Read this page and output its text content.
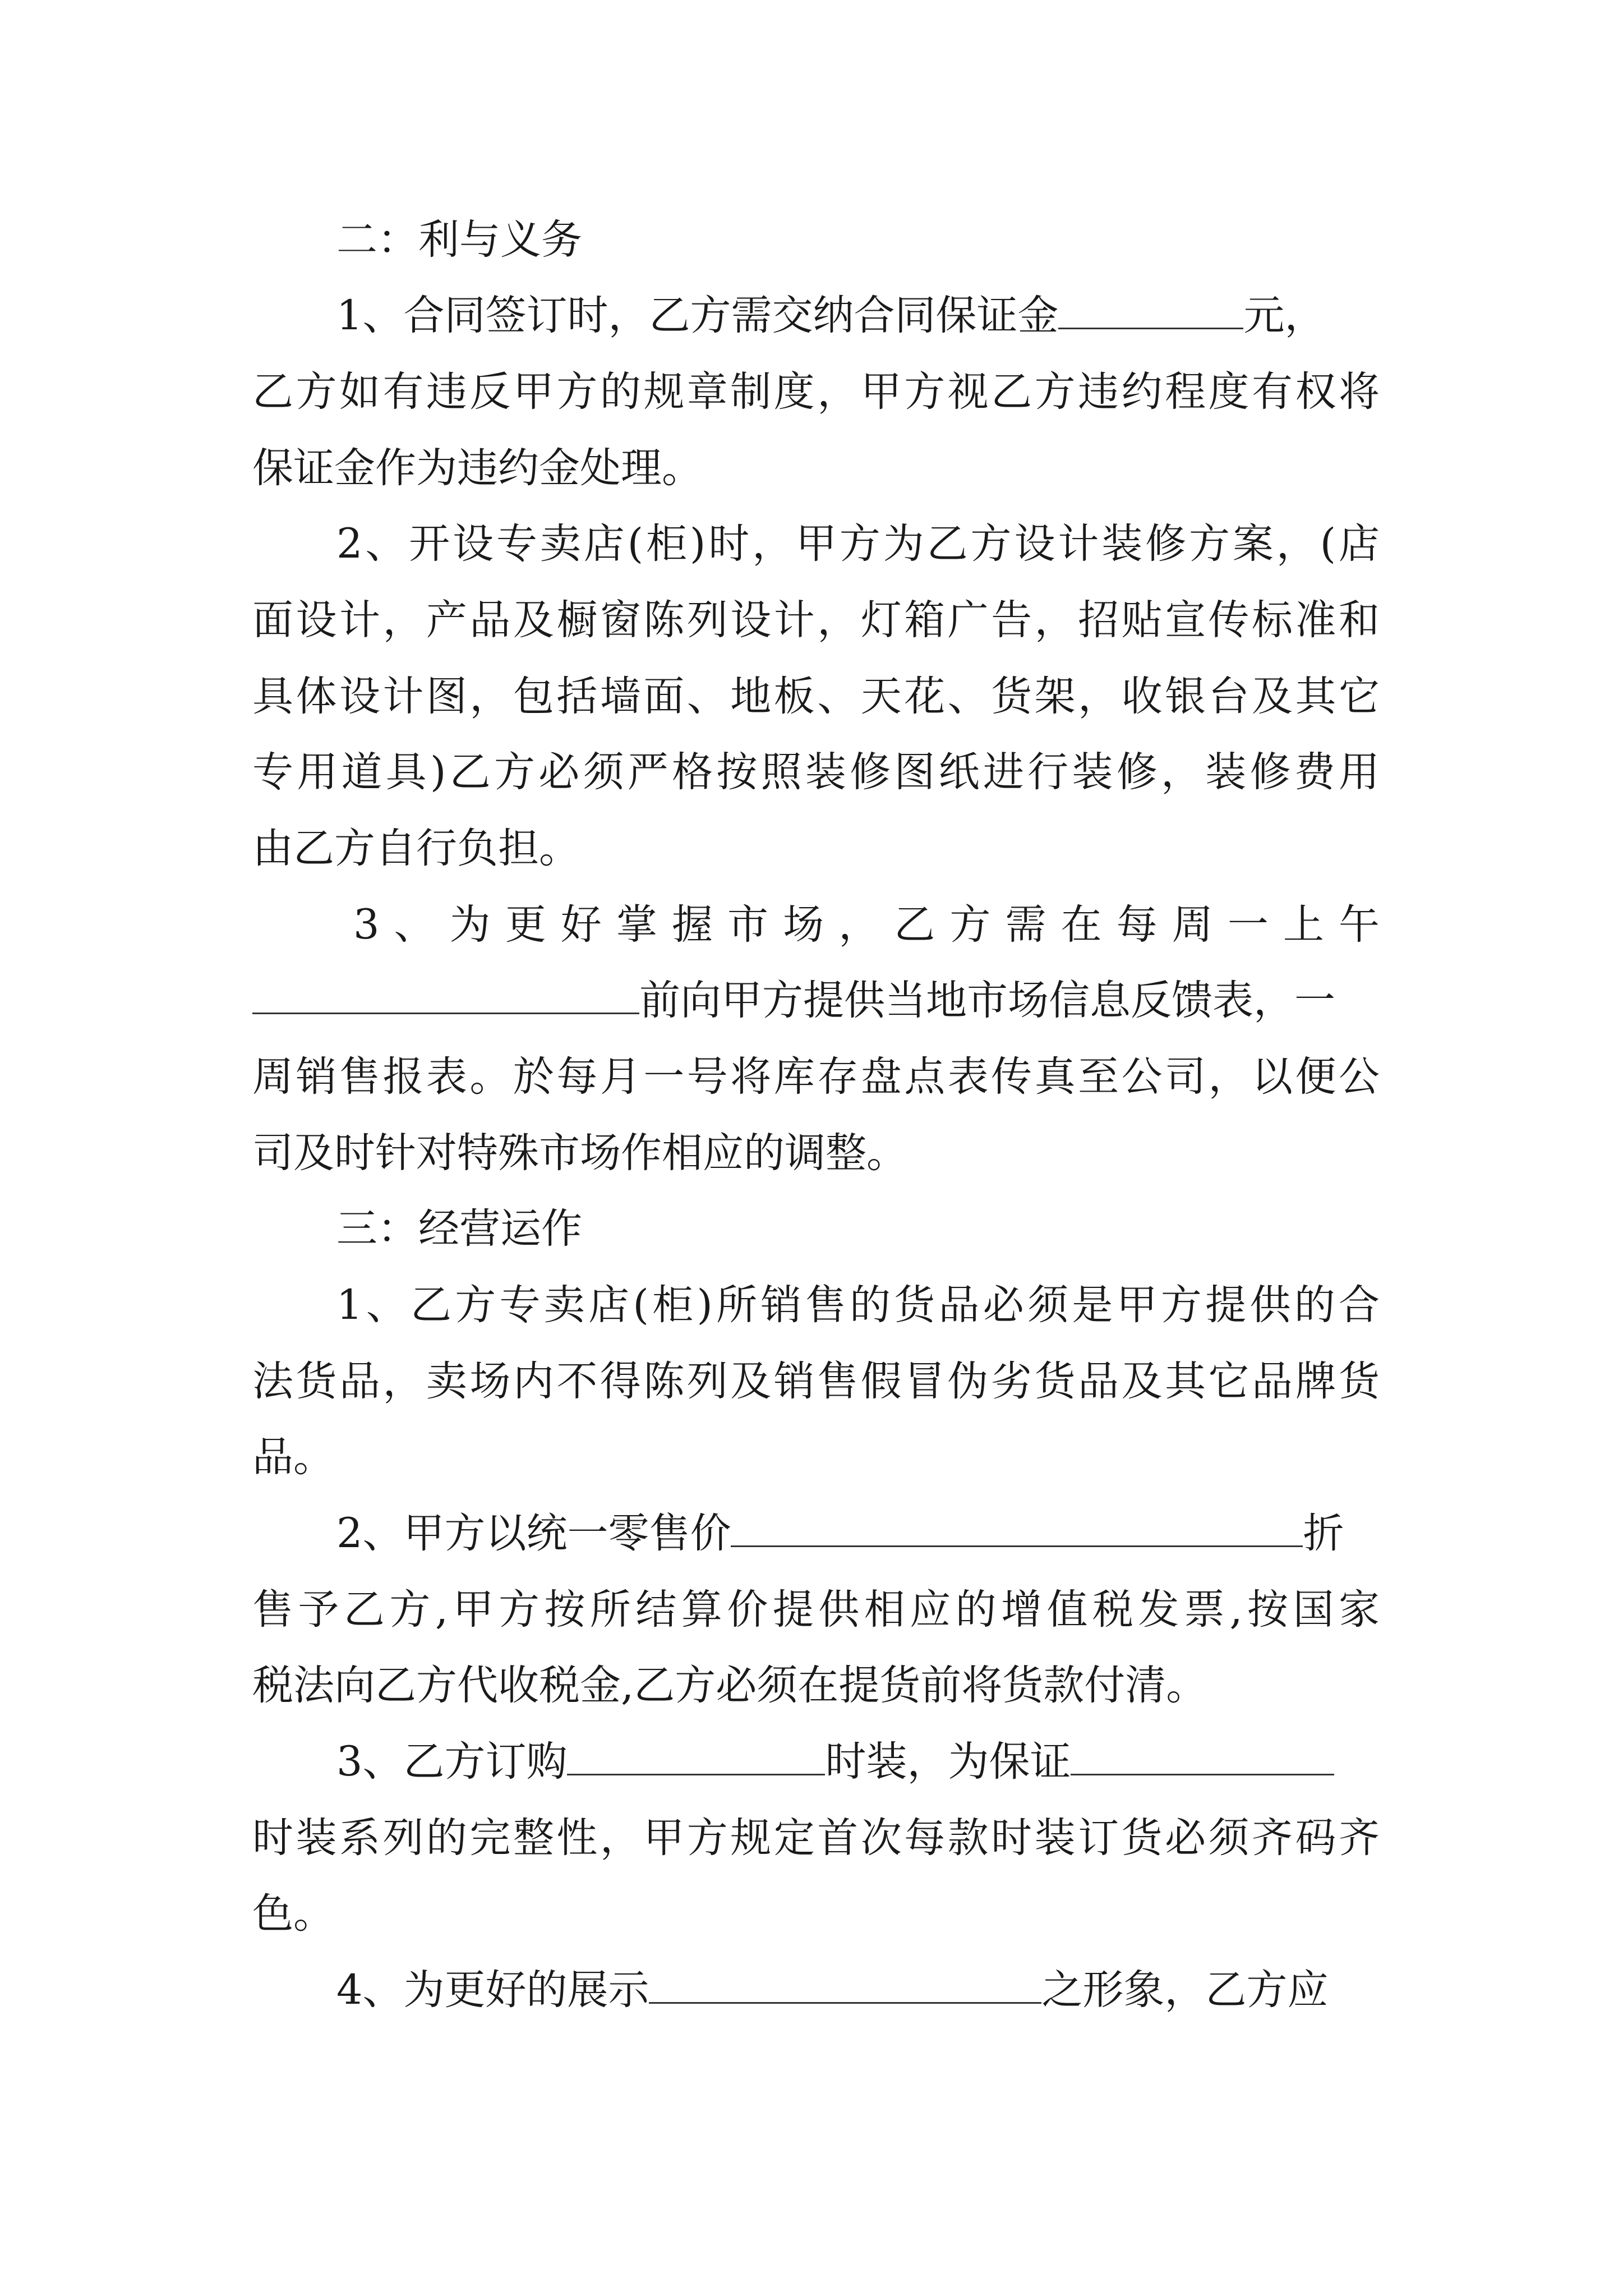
二：利与义务
1、合同签订时，乙方需交纳合同保证金	元，
乙方如有违反甲方的规章制度，甲方视乙方违约程度有权将
保证金作为违约金处理。
2、开设专卖店(柜)时，甲方为乙方设计装修方案，(店
面设计，产品及橱窗陈列设计，灯箱广告，招贴宣传标准和
具体设计图，包括墙面、地板、天花、货架，收银台及其它
专用道具)乙方必须严格按照装修图纸进行装修，装修费用
由乙方自行负担。
3、为更好掌握市场，乙方需在每周一上午
前向甲方提供当地市场信息反馈表，一
周销售报表。於每月一号将库存盘点表传真至公司，以便公
司及时针对特殊市场作相应的调整。
三：经营运作
1、乙方专卖店(柜)所销售的货品必须是甲方提供的合
法货品，卖场内不得陈列及销售假冒伪劣货品及其它品牌货
品。
2、甲方以统一零售价	折
售予乙方,甲方按所结算价提供相应的增值税发票,按国家
税法向乙方代收税金,乙方必须在提货前将货款付清。
3、乙方订购	时装，为保证
时装系列的完整性，甲方规定首次每款时装订货必须齐码齐
色。
4、为更好的展示	之形象，乙方应
